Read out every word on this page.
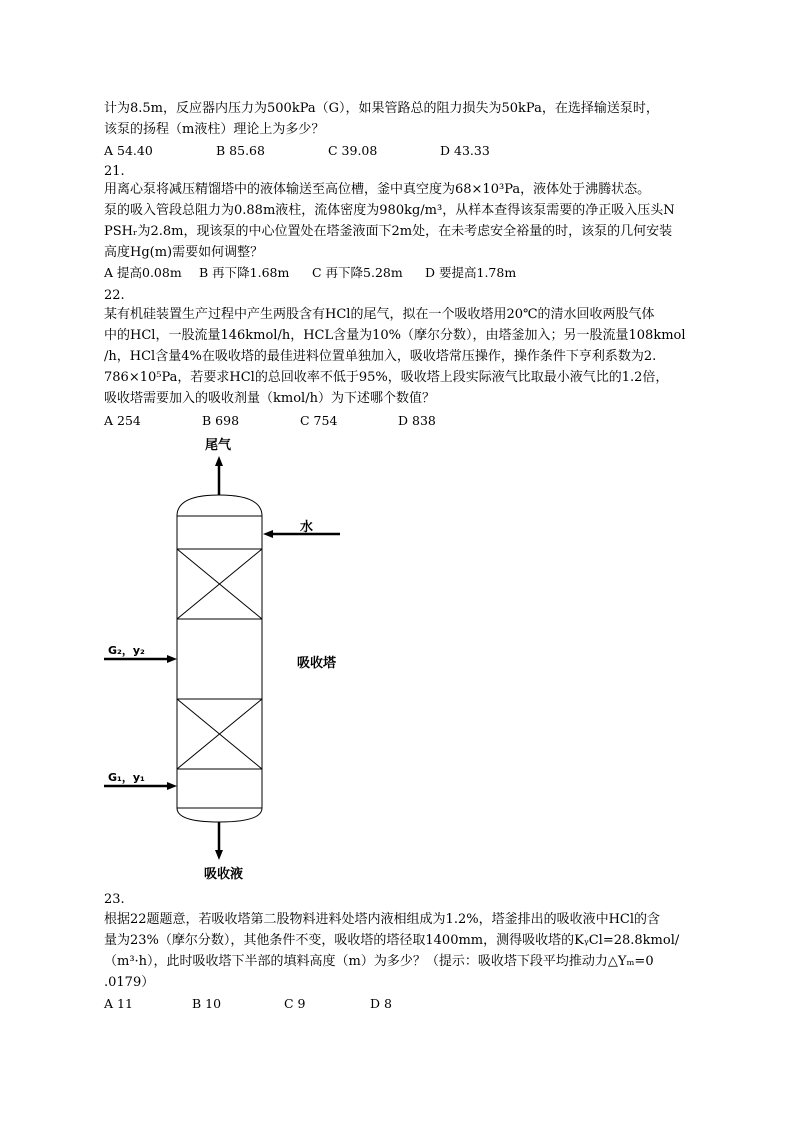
计为8.5m，反应器内压力为500kPa（G），如果管路总的阻力损失为50kPa，在选择输送泵时，
该泵的扬程（m液柱）理论上为多少？
A 54.40	B 85.68	C 39.08	D 43.33
21.
用离心泵将减压精馏塔中的液体输送至高位槽，釜中真空度为68×10³Pa，液体处于沸腾状态。
泵的吸入管段总阻力为0.88m液柱，流体密度为980kg/m³，从样本查得该泵需要的净正吸入压头N
PSHᵣ为2.8m，现该泵的中心位置处在塔釜液面下2m处，在未考虑安全裕量的时，该泵的几何安装
高度Hg(m)需要如何调整？
A 提高0.08m B 再下降1.68m C 再下降5.28m D 要提高1.78m
22.
某有机硅装置生产过程中产生两股含有HCl的尾气，拟在一个吸收塔用20℃的清水回收两股气体
中的HCl，一股流量146kmol/h，HCL含量为10%（摩尔分数），由塔釜加入；另一股流量108kmol
/h，HCl含量4%在吸收塔的最佳进料位置单独加入，吸收塔常压操作，操作条件下亨利系数为2.
786×10⁵Pa，若要求HCl的总回收率不低于95%，吸收塔上段实际液气比取最小液气比的1.2倍，
吸收塔需要加入的吸收剂量（kmol/h）为下述哪个数值？
A 254	B 698	C 754	D 838
尾气
水
G₂，y₂
G₁，y₁
吸收塔
吸收液
23.
根据22题题意，若吸收塔第二股物料进料处塔内液相组成为1.2%，塔釜排出的吸收液中HCl的含
量为23%（摩尔分数），其他条件不变，吸收塔的塔径取1400mm，测得吸收塔的KᵧCl=28.8kmol/
（m³·h），此时吸收塔下半部的填料高度（m）为多少？（提示：吸收塔下段平均推动力△Yₘ=0
.0179）
A 11	B 10	C 9	D 8
